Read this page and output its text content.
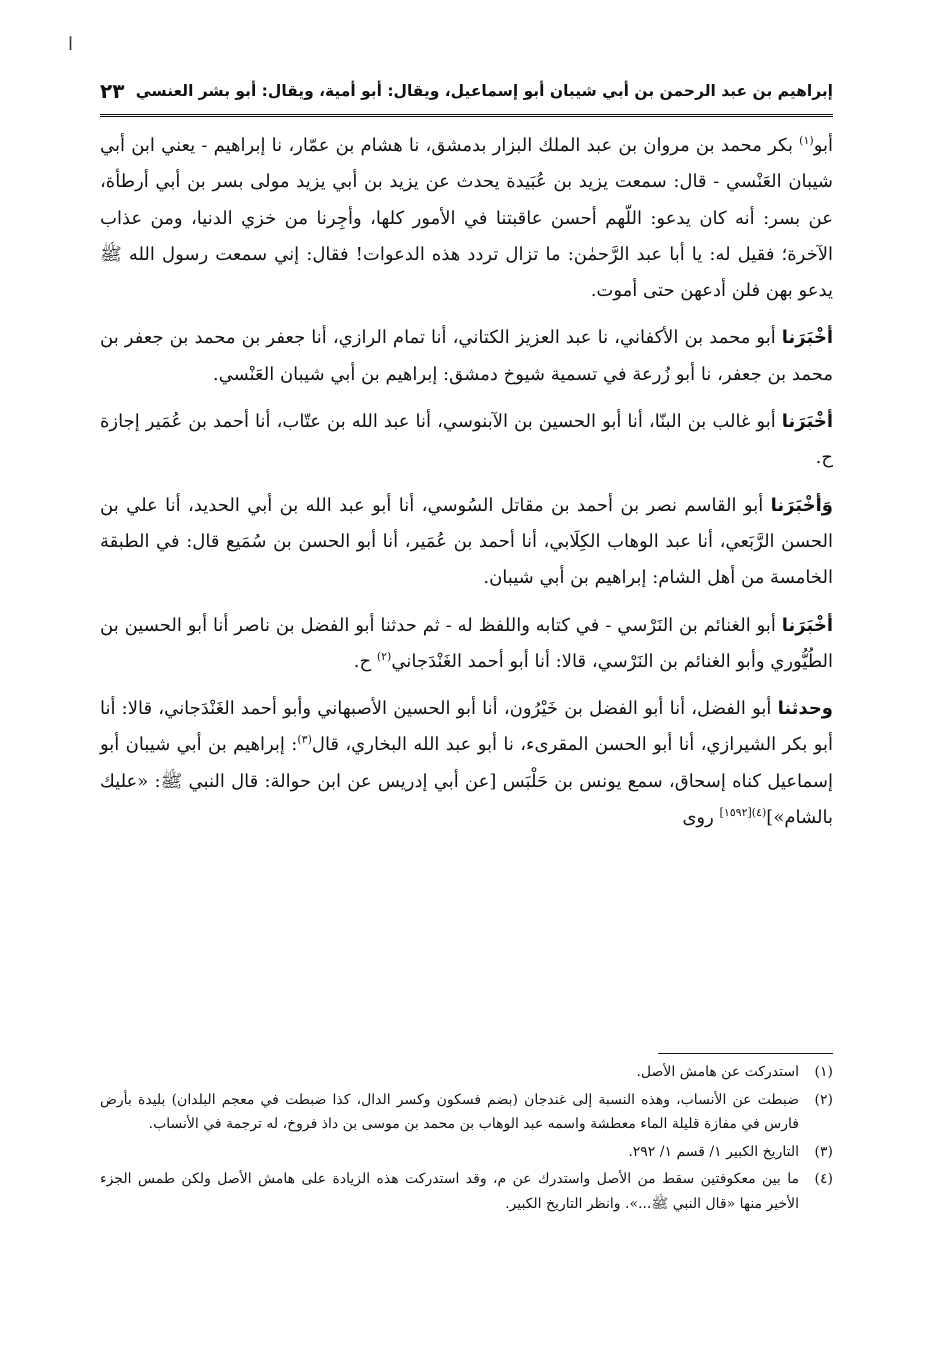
ا
إبراهيم بن عبد الرحمن بن أبي شيبان أبو إسماعيل، ويقال: أبو أمية، ويقال: أبو بشر العنسي
٢٣

أبو$^{(١)}$ بكر محمد بن مروان بن عبد الملك البزار بدمشق، نا هشام بن عمّار، نا إبراهيم - يعني ابن أبي شيبان العَنْسي - قال: سمعت يزيد بن عُبَيدة يحدث عن يزيد بن أبي يزيد مولى بسر بن أبي أرطأة، عن بسر: أنه كان يدعو: اللّهم أحسن عاقبتنا في الأمور كلها، وأجِرنا من خزي الدنيا، ومن عذاب الآخرة؛ فقيل له: يا أبا عبد الرَّحمٰن: ما تزال تردد هذه الدعوات! فقال: إني سمعت رسول الله ﷺ يدعو بهن فلن أدعهن حتى أموت.

أخْبَرَنا أبو محمد بن الأكفاني، نا عبد العزيز الكتاني، أنا تمام الرازي، أنا جعفر بن محمد بن جعفر بن محمد بن جعفر، نا أبو زُرعة في تسمية شيوخ دمشق: إبراهيم بن أبي شيبان العَنْسي.

أخْبَرَنا أبو غالب بن البنّا، أنا أبو الحسين بن الآبنوسي، أنا عبد الله بن عتّاب، أنا أحمد بن عُمَير إجازة ح.

وَأخْبَرَنا أبو القاسم نصر بن أحمد بن مقاتل السُوسي، أنا أبو عبد الله بن أبي الحديد، أنا علي بن الحسن الرَّبَعي، أنا عبد الوهاب الكِلَابي، أنا أحمد بن عُمَير، أنا أبو الحسن بن سُمَيع قال: في الطبقة الخامسة من أهل الشام: إبراهيم بن أبي شيبان.

أخْبَرَنا أبو الغنائم بن النَرْسي - في كتابه واللفظ له - ثم حدثنا أبو الفضل بن ناصر أنا أبو الحسين بن الطُيُّوري وأبو الغنائم بن النَرْسي، قالا: أنا أبو أحمد الغَنْدَجاني$^{(٢)}$ ح.

وحدثنا أبو الفضل، أنا أبو الفضل بن خَيْرُون، أنا أبو الحسين الأصبهاني وأبو أحمد الغَنْدَجاني، قالا: أنا أبو بكر الشيرازي، أنا أبو الحسن المقرىء، نا أبو عبد الله البخاري، قال$^{(٣)}$: إبراهيم بن أبي شيبان أبو إسماعيل كناه إسحاق، سمع يونس بن حَلْبَس [عن أبي إدريس عن ابن حوالة: قال النبي ﷺ: «عليك بالشام»]$^{(٤)[١٥٩٢]}$ روى

(١)
استدركت عن هامش الأصل.
(٢)
ضبطت عن الأنساب، وهذه النسبة إلى غندجان (بضم فسكون وكسر الدال، كذا ضبطت في معجم البلدان) بليدة بأرض فارس في مفازة قليلة الماء معطشة واسمه عبد الوهاب بن محمد بن موسى بن داذ فروخ، له ترجمة في الأنساب.
(٣)
التاريخ الكبير ١/ قسم ١/ ٢٩٢.
(٤)
ما بين معكوفتين سقط من الأصل واستدرك عن م، وقد استدركت هذه الزيادة على هامش الأصل ولكن طمس الجزء الأخير منها «قال النبي ﷺ...». وانظر التاريخ الكبير.
